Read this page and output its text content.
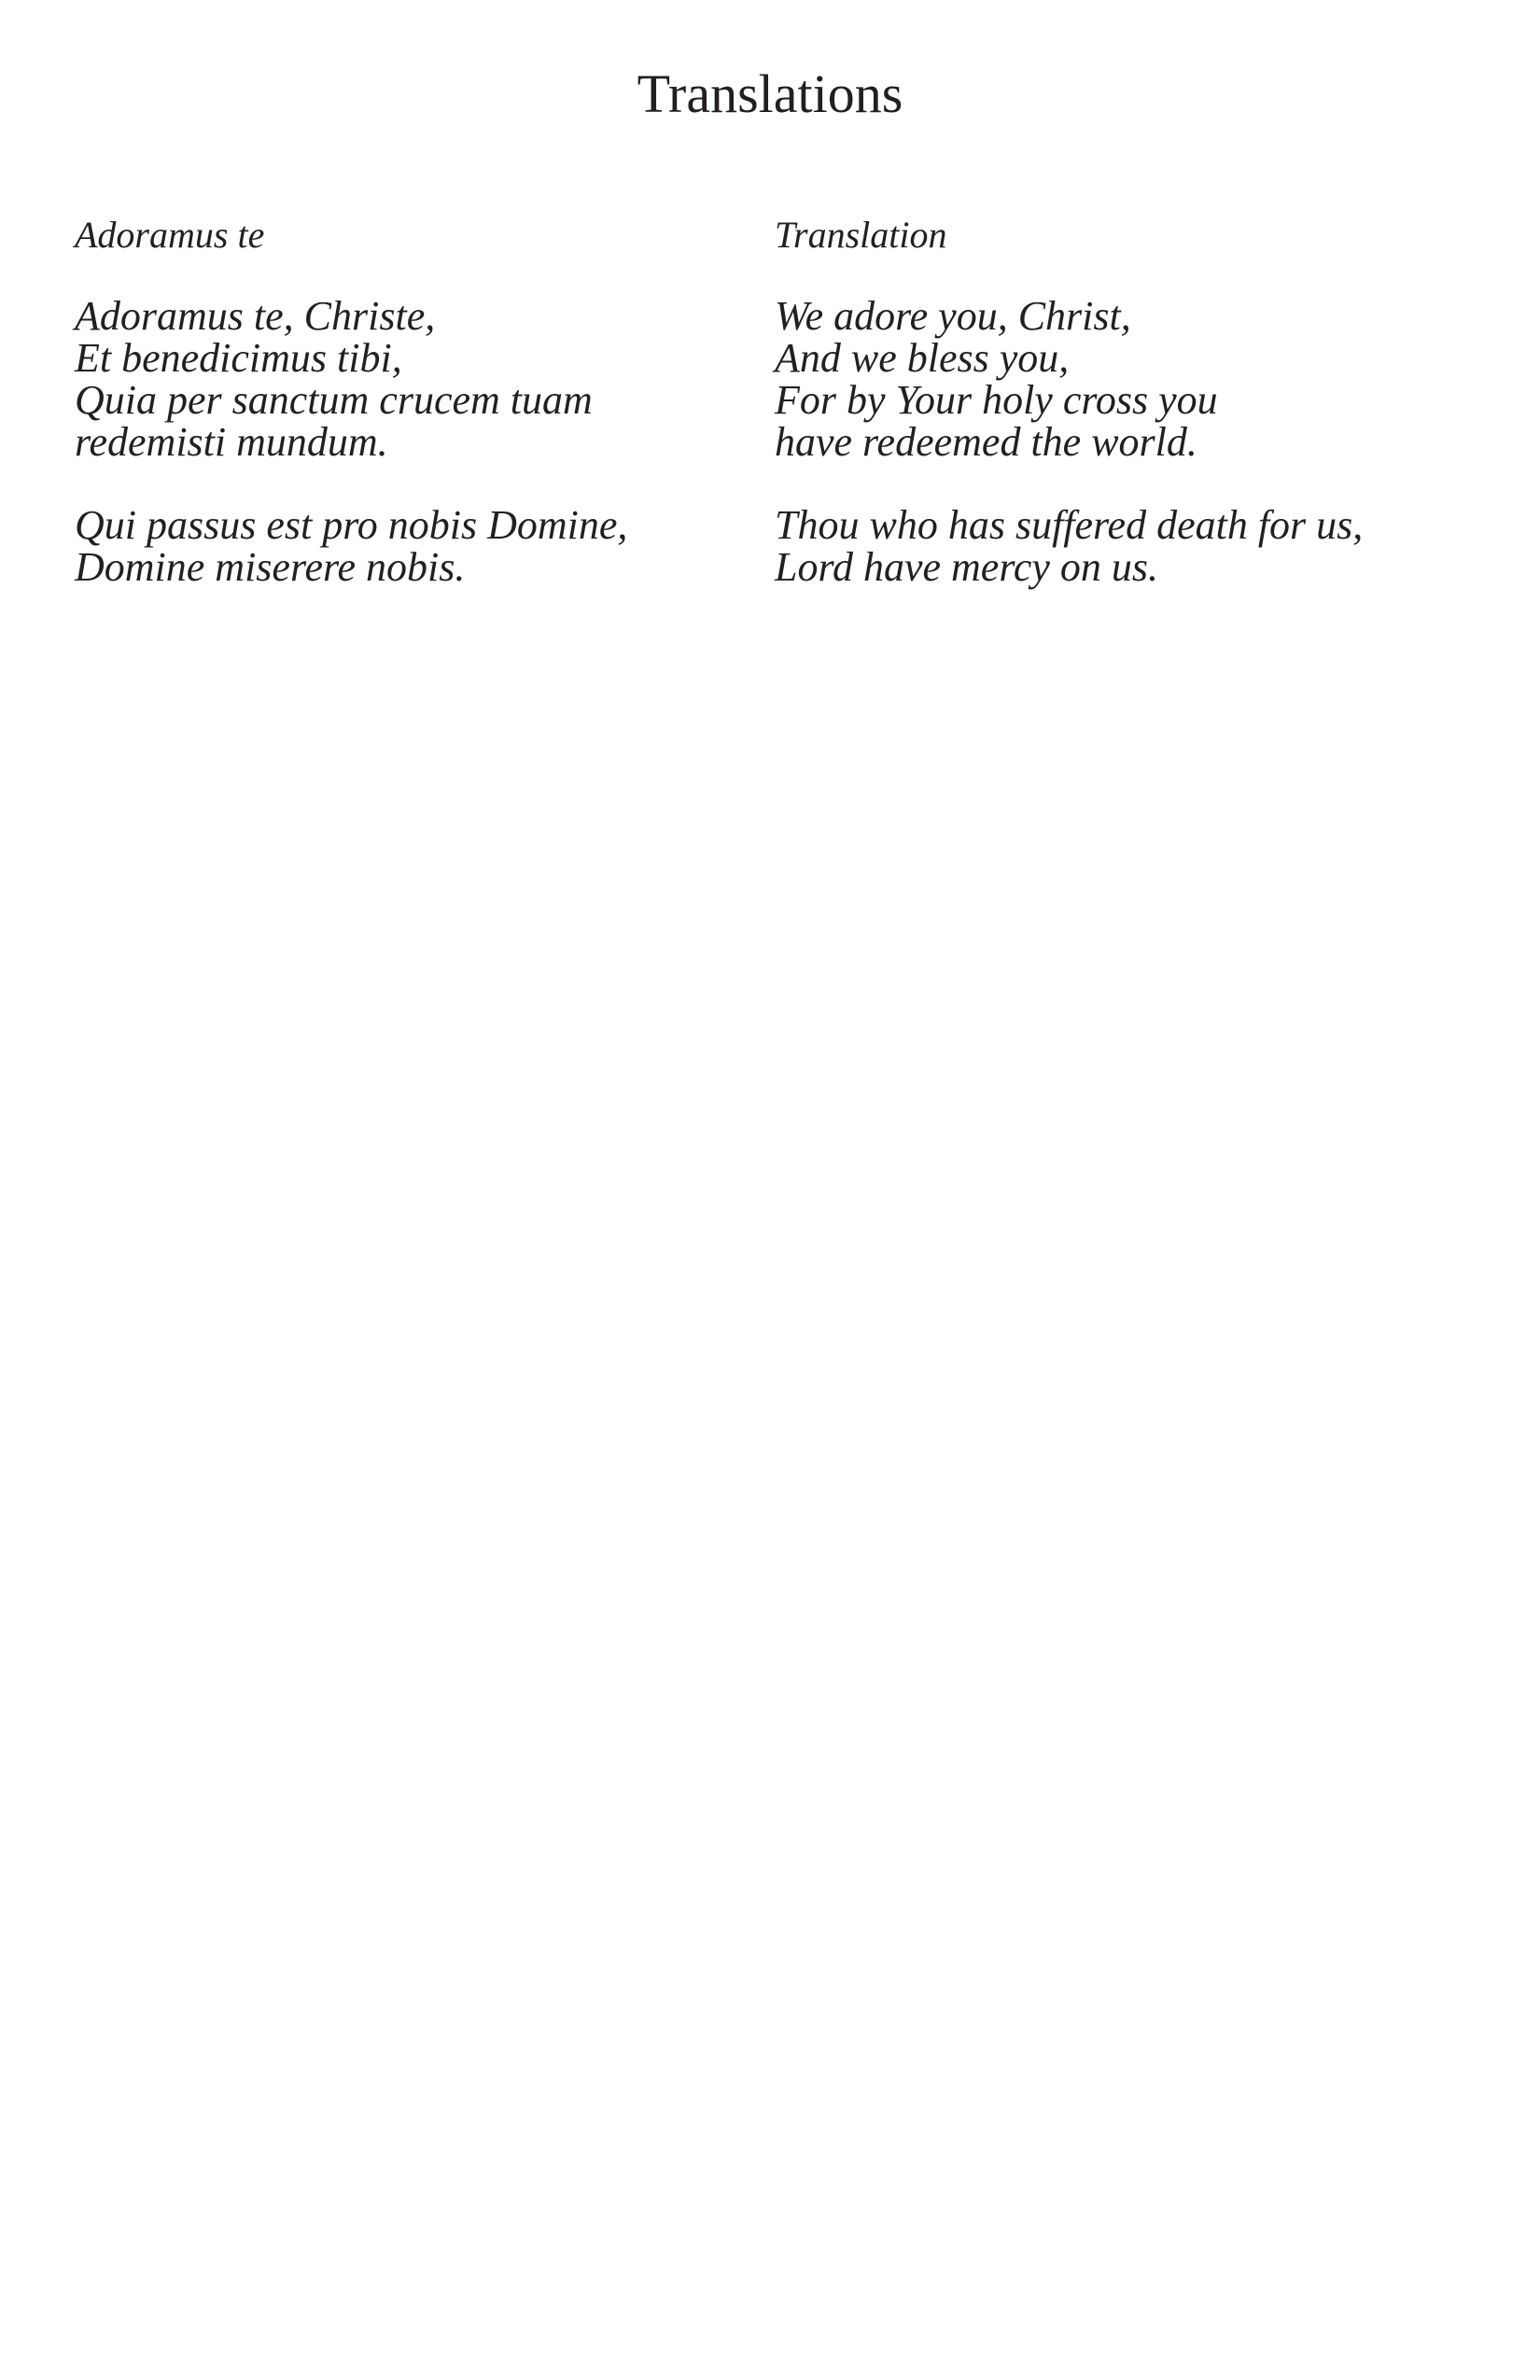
Translations
Adoramus te
Adoramus te, Christe,
Et benedicimus tibi,
Quia per sanctum crucem tuam
redemisti mundum.
Qui passus est pro nobis Domine,
Domine miserere nobis.
Translation
We adore you, Christ,
And we bless you,
For by Your holy cross you
have redeemed the world.
Thou who has suffered death for us,
Lord have mercy on us.
